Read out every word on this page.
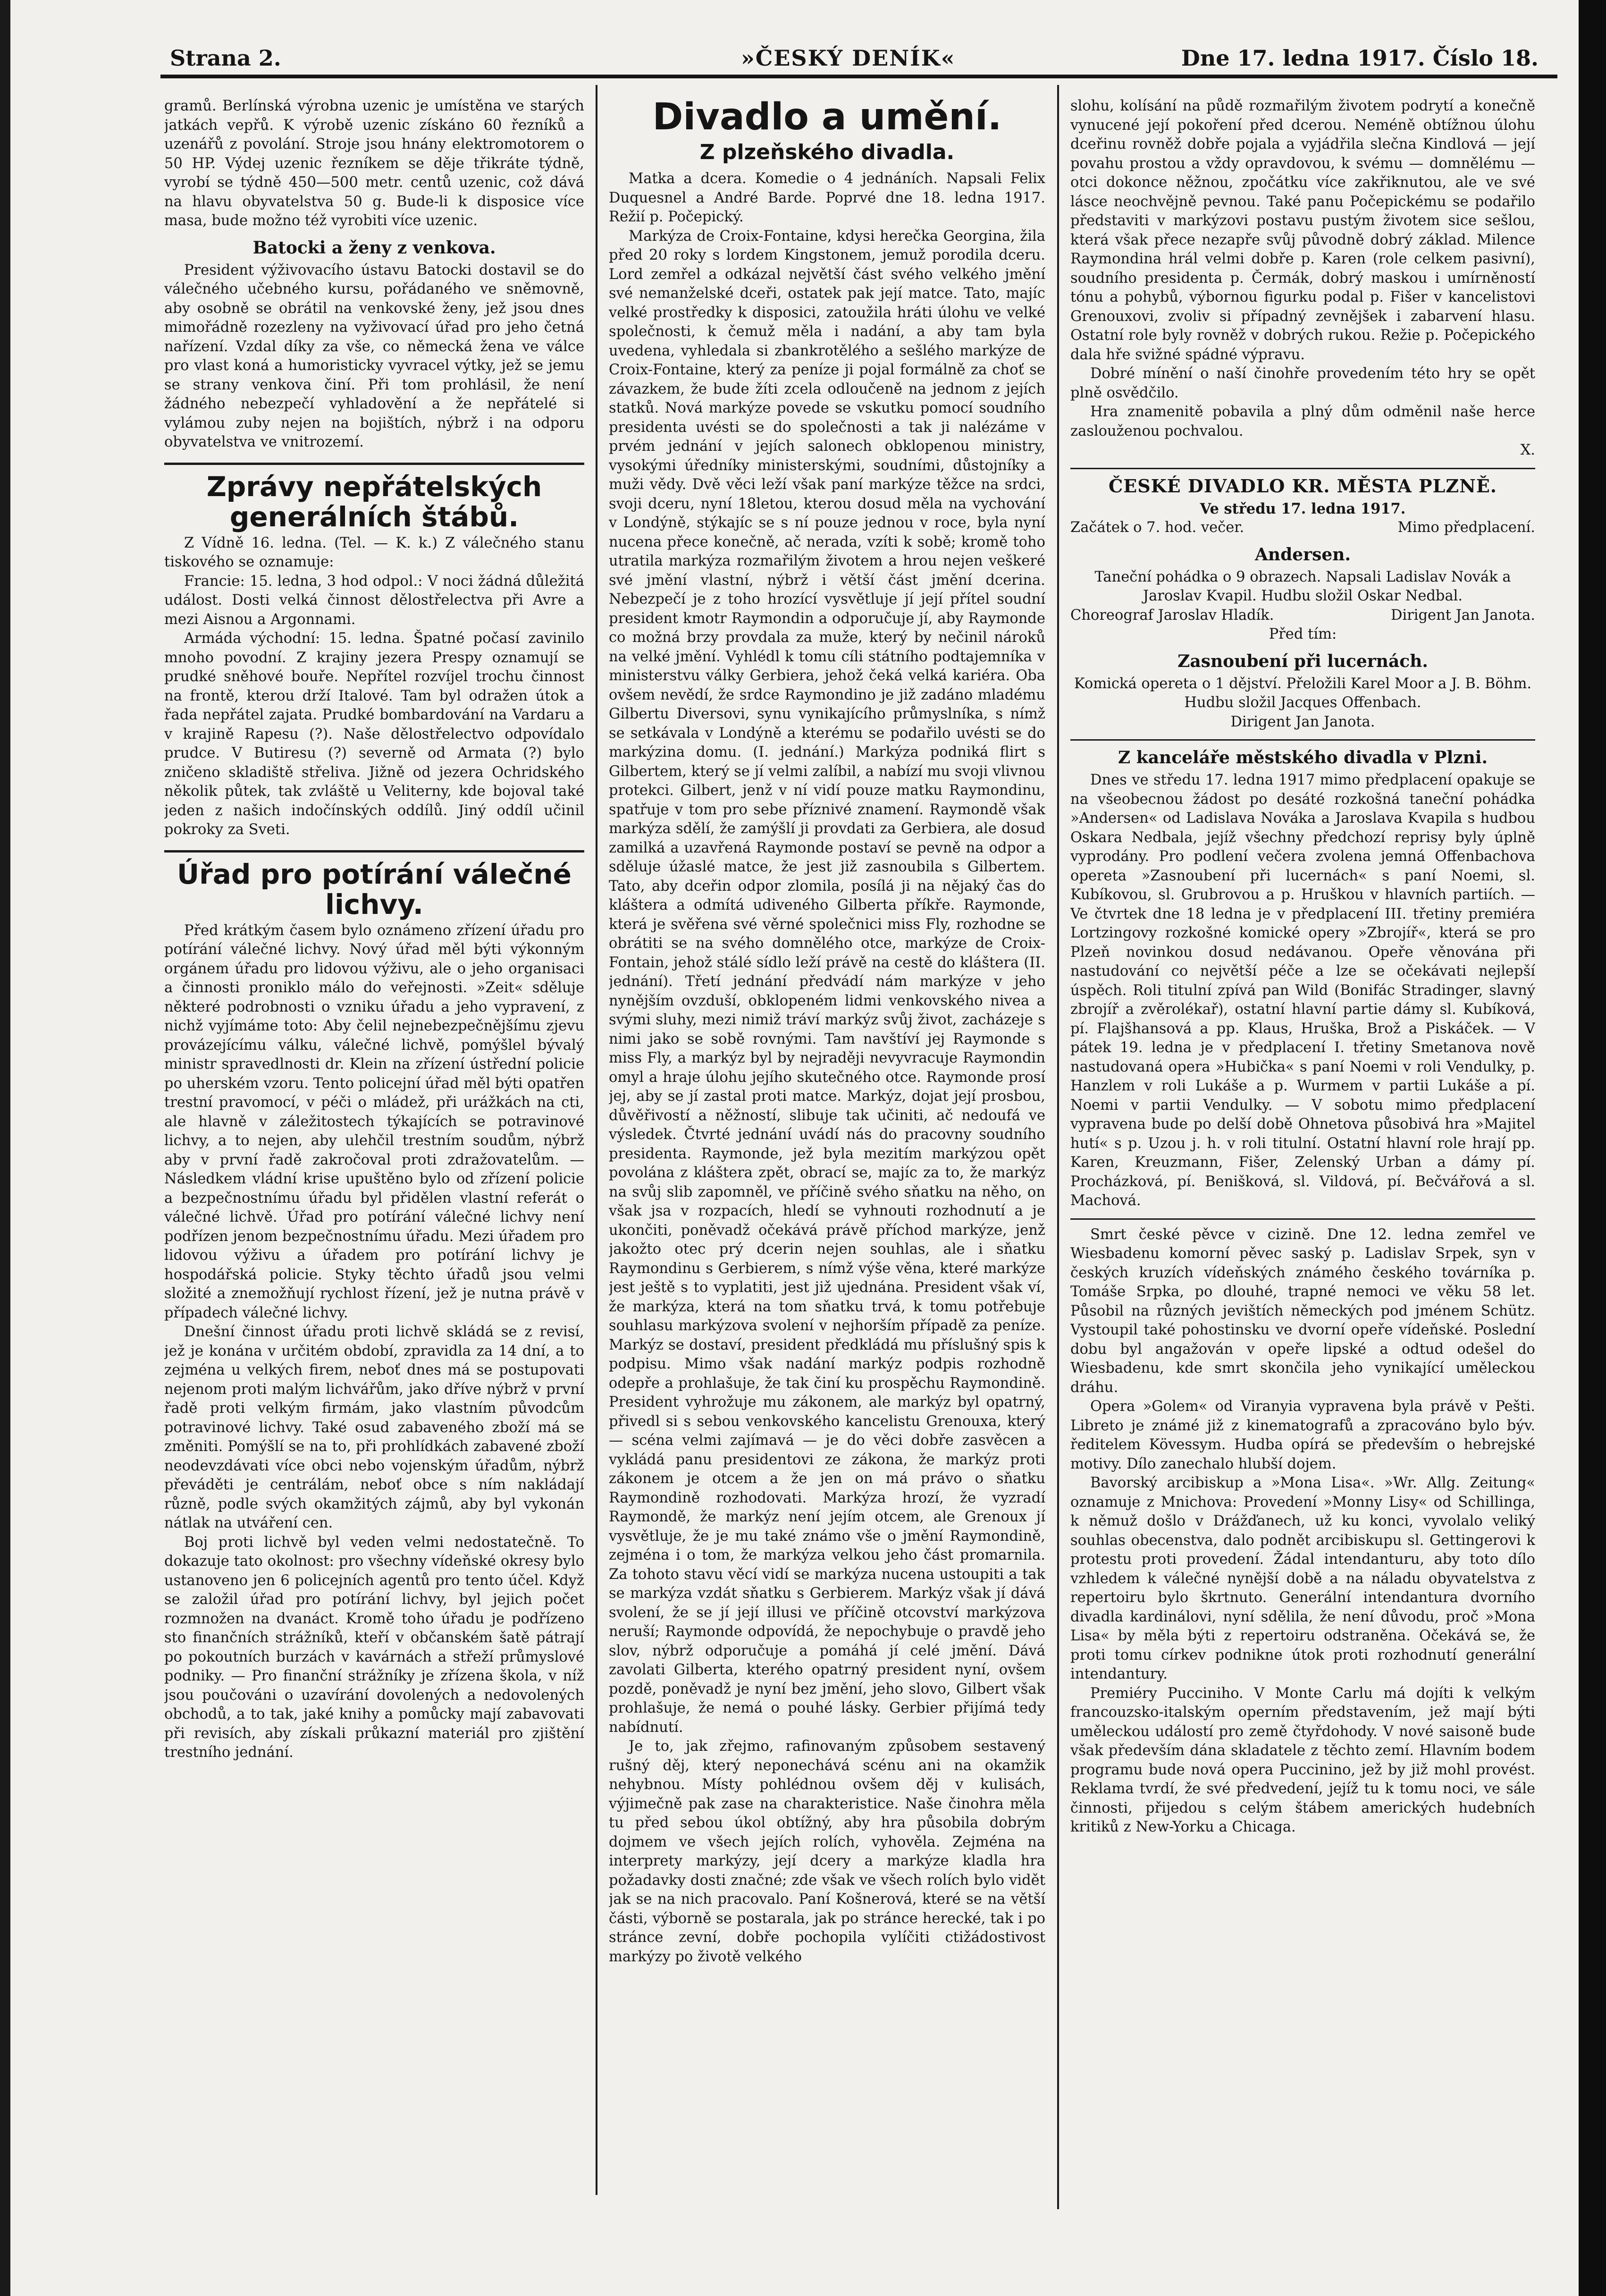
Strana 2.	»ČESKÝ DENÍK«	Dne 17. ledna 1917. Číslo 18.

gramů. Berlínská výrobna uzenic je umístěna ve starých jatkách vepřů. K výrobě uzenic získáno 60 řezníků a uzenářů z povolání. Stroje jsou hnány elektromotorem o 50 HP. Výdej uzenic řezníkem se děje třikráte týdně, vyrobí se týdně 450—500 metr. centů uzenic, což dává na hlavu obyvatelstva 50 g. Bude-li k disposice více masa, bude možno též vyrobiti více uzenic.

Batocki a ženy z venkova.

President výživovacího ústavu Batocki dostavil se do válečného učebného kursu, pořádaného ve sněmovně, aby osobně se obrátil na venkovské ženy, jež jsou dnes mimořádně rozezleny na vyživovací úřad pro jeho četná nařízení. Vzdal díky za vše, co německá žena ve válce pro vlast koná a humoristicky vyvracel výtky, jež se jemu se strany venkova činí. Při tom prohlásil, že není žádného nebezpečí vyhladovění a že nepřátelé si vylámou zuby nejen na bojištích, nýbrž i na odporu obyvatelstva ve vnitrozemí.

Zprávy nepřátelských generálních štábů.

Z Vídně 16. ledna. (Tel. — K. k.) Z válečného stanu tiskového se oznamuje:

Francie: 15. ledna, 3 hod odpol.: V noci žádná důležitá událost. Dosti velká činnost dělostřelectva při Avre a mezi Aisnou a Argonnami.

Armáda východní: 15. ledna. Špatné počasí zavinilo mnoho povodní. Z krajiny jezera Prespy oznamují se prudké sněhové bouře. Nepřítel rozvíjel trochu činnost na frontě, kterou drží Italové. Tam byl odražen útok a řada nepřátel zajata. Prudké bombardování na Vardaru a v krajině Rapesu (?). Naše dělostřelectvo odpovídalo prudce. V Butiresu (?) severně od Armata (?) bylo zničeno skladiště střeliva. Jižně od jezera Ochridského několik půtek, tak zvláště u Veliterny, kde bojoval také jeden z našich indočínských oddílů. Jiný oddíl učinil pokroky za Sveti.

Úřad pro potírání válečné lichvy.

Před krátkým časem bylo oznámeno zřízení úřadu pro potírání válečné lichvy. Nový úřad měl býti výkonným orgánem úřadu pro lidovou výživu, ale o jeho organisaci a činnosti proniklo málo do veřejnosti. »Zeit« sděluje některé podrobnosti o vzniku úřadu a jeho vypravení, z nichž vyjímáme toto: Aby čelil nejnebezpečnějšímu zjevu provázejícímu válku, válečné lichvě, pomýšlel bývalý ministr spravedlnosti dr. Klein na zřízení ústřední policie po uherském vzoru. Tento policejní úřad měl býti opatřen trestní pravomocí, v péči o mládež, při urážkách na cti, ale hlavně v záležitostech týkajících se potravinové lichvy, a to nejen, aby ulehčil trestním soudům, nýbrž aby v první řadě zakročoval proti zdražovatelům. — Následkem vládní krise upuštěno bylo od zřízení policie a bezpečnostnímu úřadu byl přidělen vlastní referát o válečné lichvě. Úřad pro potírání válečné lichvy není podřízen jenom bezpečnostnímu úřadu. Mezi úřadem pro lidovou výživu a úřadem pro potírání lichvy je hospodářská policie. Styky těchto úřadů jsou velmi složité a znemožňují rychlost řízení, jež je nutna právě v případech válečné lichvy.

Dnešní činnost úřadu proti lichvě skládá se z revisí, jež je konána v určitém období, zpravidla za 14 dní, a to zejména u velkých firem, neboť dnes má se postupovati nejenom proti malým lichvářům, jako dříve nýbrž v první řadě proti velkým firmám, jako vlastním původcům potravinové lichvy. Také osud zabaveného zboží má se změniti. Pomýšlí se na to, při prohlídkách zabavené zboží neodevzdávati více obci nebo vojenským úřadům, nýbrž převáděti je centrálám, neboť obce s ním nakládají různě, podle svých okamžitých zájmů, aby byl vykonán nátlak na utváření cen.

Boj proti lichvě byl veden velmi nedostatečně. To dokazuje tato okolnost: pro všechny vídeňské okresy bylo ustanoveno jen 6 policejních agentů pro tento účel. Když se založil úřad pro potírání lichvy, byl jejich počet rozmnožen na dvanáct. Kromě toho úřadu je podřízeno sto finančních strážníků, kteří v občanském šatě pátrají po pokoutních burzách v kavárnách a střeží průmyslové podniky. — Pro finanční strážníky je zřízena škola, v níž jsou poučováni o uzavírání dovolených a nedovolených obchodů, a to tak, jaké knihy a pomůcky mají zabavovati při revisích, aby získali průkazní materiál pro zjištění trestního jednání.

Divadlo a umění.
Z plzeňského divadla.

Matka a dcera. Komedie o 4 jednáních. Napsali Felix Duquesnel a André Barde. Poprvé dne 18. ledna 1917. Režií p. Počepický.

Markýza de Croix-Fontaine, kdysi herečka Georgina, žila před 20 roky s lordem Kingstonem, jemuž porodila dceru. Lord zemřel a odkázal největší část svého velkého jmění své nemanželské dceři, ostatek pak její matce. Tato, majíc velké prostředky k disposici, zatoužila hráti úlohu ve velké společnosti, k čemuž měla i nadání, a aby tam byla uvedena, vyhledala si zbankrotělého a sešlého markýze de Croix-Fontaine, který za peníze ji pojal formálně za choť se závazkem, že bude žíti zcela odloučeně na jednom z jejích statků. Nová markýze povede se vskutku pomocí soudního presidenta uvésti se do společnosti a tak ji nalézáme v prvém jednání v jejích salonech obklopenou ministry, vysokými úředníky ministerskými, soudními, důstojníky a muži vědy. Dvě věci leží však paní markýze těžce na srdci, svoji dceru, nyní 18letou, kterou dosud měla na vychování v Londýně, stýkajíc se s ní pouze jednou v roce, byla nyní nucena přece konečně, ač nerada, vzíti k sobě; kromě toho utratila markýza rozmařilým životem a hrou nejen veškeré své jmění vlastní, nýbrž i větší část jmění dcerina. Nebezpečí je z toho hrozící vysvětluje jí její přítel soudní president kmotr Raymondin a odporučuje jí, aby Raymonde co možná brzy provdala za muže, který by nečinil nároků na velké jmění. Vyhlédl k tomu cíli státního podtajemníka v ministerstvu války Gerbiera, jehož čeká velká kariéra. Oba ovšem nevědí, že srdce Raymondino je již zadáno mladému Gilbertu Diversovi, synu vynikajícího průmyslníka, s nímž se setkávala v Londýně a kterému se podařilo uvésti se do markýzina domu. (I. jednání.) Markýza podniká flirt s Gilbertem, který se jí velmi zalíbil, a nabízí mu svoji vlivnou protekci. Gilbert, jenž v ní vidí pouze matku Raymondinu, spatřuje v tom pro sebe příznivé znamení. Raymondě však markýza sdělí, že zamýšlí ji provdati za Gerbiera, ale dosud zamilká a uzavřená Raymonde postaví se pevně na odpor a sděluje úžaslé matce, že jest již zasnoubila s Gilbertem. Tato, aby dceřin odpor zlomila, posílá ji na nějaký čas do kláštera a odmítá udiveného Gilberta příkře. Raymonde, která je svěřena své věrné společnici miss Fly, rozhodne se obrátiti se na svého domnělého otce, markýze de Croix-Fontain, jehož stálé sídlo leží právě na cestě do kláštera (II. jednání). Třetí jednání předvádí nám markýze v jeho nynějším ovzduší, obklopeném lidmi venkovského nivea a svými sluhy, mezi nimiž tráví markýz svůj život, zacházeje s nimi jako se sobě rovnými. Tam navštíví jej Raymonde s miss Fly, a markýz byl by nejraději nevyvracuje Raymondin omyl a hraje úlohu jejího skutečného otce. Raymonde prosí jej, aby se jí zastal proti matce. Markýz, dojat její prosbou, důvěřivostí a něžností, slibuje tak učiniti, ač nedoufá ve výsledek. Čtvrté jednání uvádí nás do pracovny soudního presidenta. Raymonde, jež byla mezitím markýzou opět povolána z kláštera zpět, obrací se, majíc za to, že markýz na svůj slib zapomněl, ve příčině svého sňatku na něho, on však jsa v rozpacích, hledí se vyhnouti rozhodnutí a je ukončiti, poněvadž očekává právě příchod markýze, jenž jakožto otec prý dcerin nejen souhlas, ale i sňatku Raymondinu s Gerbierem, s nímž výše věna, které markýze jest ještě s to vyplatiti, jest již ujednána. President však ví, že markýza, která na tom sňatku trvá, k tomu potřebuje souhlasu markýzova svolení v nejhorším případě za peníze. Markýz se dostaví, president předkládá mu příslušný spis k podpisu. Mimo však nadání markýz podpis rozhodně odepře a prohlašuje, že tak činí ku prospěchu Raymondině. President vyhrožuje mu zákonem, ale markýz byl opatrný, přivedl si s sebou venkovského kancelistu Grenouxa, který — scéna velmi zajímavá — je do věci dobře zasvěcen a vykládá panu presidentovi ze zákona, že markýz proti zákonem je otcem a že jen on má právo o sňatku Raymondině rozhodovati. Markýza hrozí, že vyzradí Raymondě, že markýz není jejím otcem, ale Grenoux jí vysvětluje, že je mu také známo vše o jmění Raymondině, zejména i o tom, že markýza velkou jeho část promarnila. Za tohoto stavu věcí vidí se markýza nucena ustoupiti a tak se markýza vzdát sňatku s Gerbierem. Markýz však jí dává svolení, že se jí její illusi ve příčině otcovství markýzova neruší; Raymonde odpovídá, že nepochybuje o pravdě jeho slov, nýbrž odporučuje a pomáhá jí celé jmění. Dává zavolati Gilberta, kterého opatrný president nyní, ovšem pozdě, poněvadž je nyní bez jmění, jeho slovo, Gilbert však prohlašuje, že nemá o pouhé lásky. Gerbier přijímá tedy nabídnutí.

Je to, jak zřejmo, rafinovaným způsobem sestavený rušný děj, který neponechává scénu ani na okamžik nehybnou. Místy pohlédnou ovšem děj v kulisách, výjimečně pak zase na charakteristice. Naše činohra měla tu před sebou úkol obtížný, aby hra působila dobrým dojmem ve všech jejích rolích, vyhověla. Zejména na interprety markýzy, její dcery a markýze kladla hra požadavky dosti značné; zde však ve všech rolích bylo vidět jak se na nich pracovalo. Paní Košnerová, které se na větší části, výborně se postarala, jak po stránce herecké, tak i po stránce zevní, dobře pochopila vylíčiti ctižádostivost markýzy po životě velkého

slohu, kolísání na půdě rozmařilým životem podrytí a konečně vynucené její pokoření před dcerou. Neméně obtížnou úlohu dceřinu rovněž dobře pojala a vyjádřila slečna Kindlová — její povahu prostou a vždy opravdovou, k svému — domnělému — otci dokonce něžnou, zpočátku více zakřiknutou, ale ve své lásce neochvějně pevnou. Také panu Počepickému se podařilo představiti v markýzovi postavu pustým životem sice sešlou, která však přece nezapře svůj původně dobrý základ. Milence Raymondina hrál velmi dobře p. Karen (role celkem pasivní), soudního presidenta p. Čermák, dobrý maskou i umírněností tónu a pohybů, výbornou figurku podal p. Fišer v kancelistovi Grenouxovi, zvoliv si případný zevnějšek i zabarvení hlasu. Ostatní role byly rovněž v dobrých rukou. Režie p. Počepického dala hře svižné spádné výpravu.

Dobré mínění o naší činohře provedením této hry se opět plně osvědčilo.

Hra znamenitě pobavila a plný dům odměnil naše herce zaslouženou pochvalou.

X.
ČESKÉ DIVADLO KR. MĚSTA PLZNĚ.
Ve středu 17. ledna 1917.
Začátek o 7. hod. večer.	Mimo předplacení.
Andersen.

Taneční pohádka o 9 obrazech. Napsali Ladislav Novák a Jaroslav Kvapil. Hudbu složil Oskar Nedbal.

Choreograf Jaroslav Hladík.	Dirigent Jan Janota.
Před tím:
Zasnoubení při lucernách.

Komická opereta o 1 dějství. Přeložili Karel Moor a J. B. Böhm. Hudbu složil Jacques Offenbach.

Dirigent Jan Janota.
Z kanceláře městského divadla v Plzni.

Dnes ve středu 17. ledna 1917 mimo předplacení opakuje se na všeobecnou žádost po desáté rozkošná taneční pohádka »Andersen« od Ladislava Nováka a Jaroslava Kvapila s hudbou Oskara Nedbala, jejíž všechny předchozí reprisy byly úplně vyprodány. Pro podlení večera zvolena jemná Offenbachova opereta »Zasnoubení při lucernách« s paní Noemi, sl. Kubíkovou, sl. Grubrovou a p. Hruškou v hlavních partiích. — Ve čtvrtek dne 18 ledna je v předplacení III. třetiny premiéra Lortzingovy rozkošné komické opery »Zbrojíř«, která se pro Plzeň novinkou dosud nedávanou. Opeře věnována při nastudování co největší péče a lze se očekávati nejlepší úspěch. Roli titulní zpívá pan Wild (Bonifác Stradinger, slavný zbrojíř a zvěrolékař), ostatní hlavní partie dámy sl. Kubíková, pí. Flajšhansová a pp. Klaus, Hruška, Brož a Piskáček. — V pátek 19. ledna je v předplacení I. třetiny Smetanova nově nastudovaná opera »Hubička« s paní Noemi v roli Vendulky, p. Hanzlem v roli Lukáše a p. Wurmem v partii Lukáše a pí. Noemi v partii Vendulky. — V sobotu mimo předplacení vypravena bude po delší době Ohnetova působivá hra »Majitel hutí« s p. Uzou j. h. v roli titulní. Ostatní hlavní role hrají pp. Karen, Kreuzmann, Fišer, Zelenský Urban a dámy pí. Procházková, pí. Benišková, sl. Vildová, pí. Bečvářová a sl. Machová.

Smrt české pěvce v cizině. Dne 12. ledna zemřel ve Wiesbadenu komorní pěvec saský p. Ladislav Srpek, syn v českých kruzích vídeňských známého českého továrníka p. Tomáše Srpka, po dlouhé, trapné nemoci ve věku 58 let. Působil na různých jevištích německých pod jménem Schütz. Vystoupil také pohostinsku ve dvorní opeře vídeňské. Poslední dobu byl angažován v opeře lipské a odtud odešel do Wiesbadenu, kde smrt skončila jeho vynikající uměleckou dráhu.

Opera »Golem« od Viranyia vypravena byla právě v Pešti. Libreto je známé již z kinematografů a zpracováno bylo býv. ředitelem Kövessym. Hudba opírá se především o hebrejské motivy. Dílo zanechalo hlubší dojem.

Bavorský arcibiskup a »Mona Lisa«. »Wr. Allg. Zeitung« oznamuje z Mnichova: Provedení »Monny Lisy« od Schillinga, k němuž došlo v Drážďanech, už ku konci, vyvolalo veliký souhlas obecenstva, dalo podnět arcibiskupu sl. Gettingerovi k protestu proti provedení. Žádal intendanturu, aby toto dílo vzhledem k válečné nynější době a na náladu obyvatelstva z repertoiru bylo škrtnuto. Generální intendantura dvorního divadla kardinálovi, nyní sdělila, že není důvodu, proč »Mona Lisa« by měla býti z repertoiru odstraněna. Očekává se, že proti tomu církev podnikne útok proti rozhodnutí generální intendantury.

Premiéry Pucciniho. V Monte Carlu má dojíti k velkým francouzsko-italským operním představením, jež mají býti uměleckou událostí pro země čtyřdohody. V nové saisoně bude však především dána skladatele z těchto zemí. Hlavním bodem programu bude nová opera Puccinino, jež by již mohl provést. Reklama tvrdí, že své předvedení, jejíž tu k tomu noci, ve sále činnosti, přijedou s celým štábem amerických hudebních kritiků z New-Yorku a Chicaga.
